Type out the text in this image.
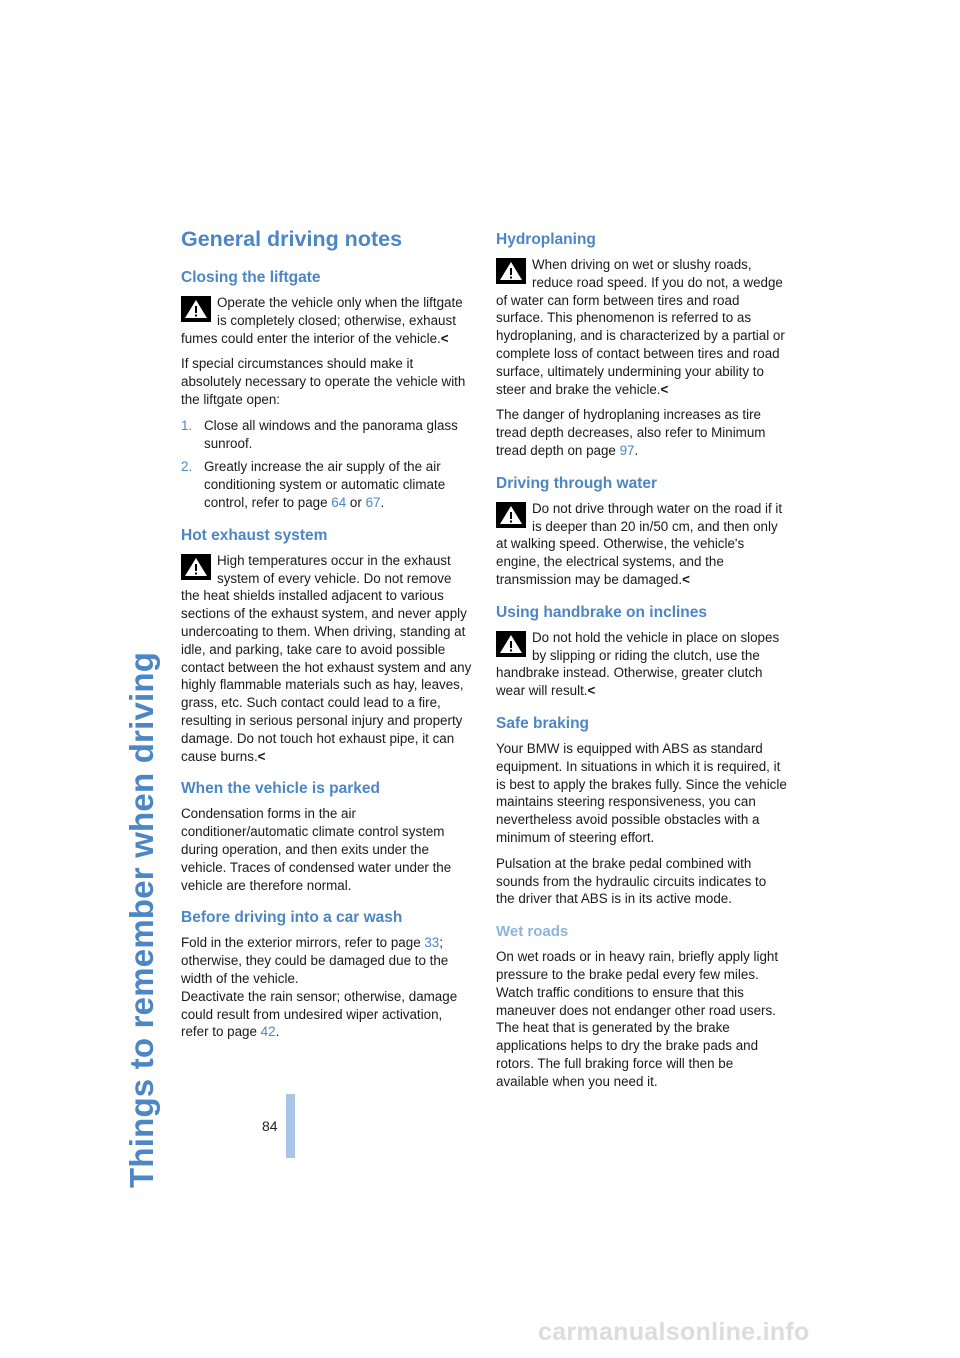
Things to remember when driving	84
General driving notes
Closing the liftgate
Operate the vehicle only when the liftgate is completely closed; otherwise, exhaust fumes could enter the interior of the vehicle.<

If special circumstances should make it absolutely necessary to operate the vehicle with the liftgate open:

1. Close all windows and the panorama glass sunroof.
2. Greatly increase the air supply of the air conditioning system or automatic climate control, refer to page 64 or 67.
Hot exhaust system
High temperatures occur in the exhaust system of every vehicle. Do not remove the heat shields installed adjacent to various sections of the exhaust system, and never apply undercoating to them. When driving, standing at idle, and parking, take care to avoid possible contact between the hot exhaust system and any highly flammable materials such as hay, leaves, grass, etc. Such contact could lead to a fire, resulting in serious personal injury and property damage. Do not touch hot exhaust pipe, it can cause burns.<
When the vehicle is parked

Condensation forms in the air conditioner/automatic climate control system during operation, and then exits under the vehicle. Traces of condensed water under the vehicle are therefore normal.

Before driving into a car wash

Fold in the exterior mirrors, refer to page 33; otherwise, they could be damaged due to the width of the vehicle.
Deactivate the rain sensor; otherwise, damage could result from undesired wiper activation, refer to page 42.

Hydroplaning
When driving on wet or slushy roads, reduce road speed. If you do not, a wedge of water can form between tires and road surface. This phenomenon is referred to as hydroplaning, and is characterized by a partial or complete loss of contact between tires and road surface, ultimately undermining your ability to steer and brake the vehicle.<

The danger of hydroplaning increases as tire tread depth decreases, also refer to Minimum tread depth on page 97.

Driving through water
Do not drive through water on the road if it is deeper than 20 in/50 cm, and then only at walking speed. Otherwise, the vehicle's engine, the electrical systems, and the transmission may be damaged.<
Using handbrake on inclines
Do not hold the vehicle in place on slopes by slipping or riding the clutch, use the handbrake instead. Otherwise, greater clutch wear will result.<
Safe braking

Your BMW is equipped with ABS as standard equipment. In situations in which it is required, it is best to apply the brakes fully. Since the vehicle maintains steering responsiveness, you can nevertheless avoid possible obstacles with a minimum of steering effort.

Pulsation at the brake pedal combined with sounds from the hydraulic circuits indicates to the driver that ABS is in its active mode.

Wet roads

On wet roads or in heavy rain, briefly apply light pressure to the brake pedal every few miles. Watch traffic conditions to ensure that this maneuver does not endanger other road users. The heat that is generated by the brake applications helps to dry the brake pads and rotors. The full braking force will then be available when you need it.

carmanualsonline.info
